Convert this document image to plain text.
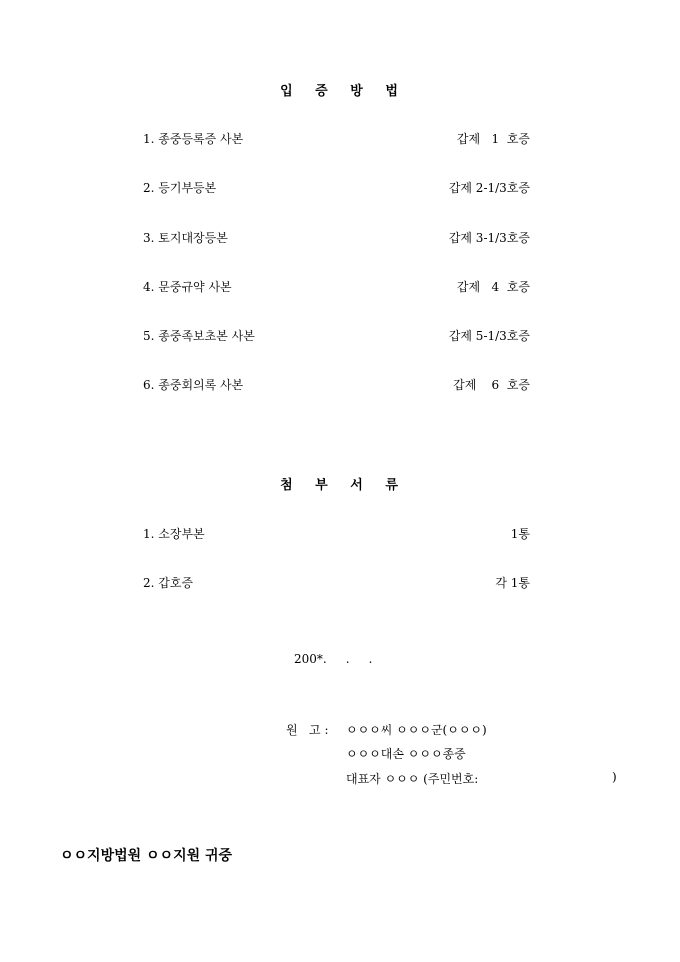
입 증 방 법
1. 종중등록증 사본	갑제   1  호증
2. 등기부등본	갑제 2-1/3호증
3. 토지대장등본	갑제 3-1/3호증
4. 문중규약 사본	갑제   4  호증
5. 종중족보초본 사본	갑제 5-1/3호증
6. 종중회의록 사본	갑제    6  호증
첨 부 서 류
1. 소장부본	1통
2. 갑호증	각 1통
200*.     .     .
원   고 : ㅇㅇㅇ씨 ㅇㅇㅇ군(ㅇㅇㅇ)
ㅇㅇㅇ대손 ㅇㅇㅇ종중
대표자 ㅇㅇㅇ (주민번호:	)
ㅇㅇ지방법원 ㅇㅇ지원 귀중
